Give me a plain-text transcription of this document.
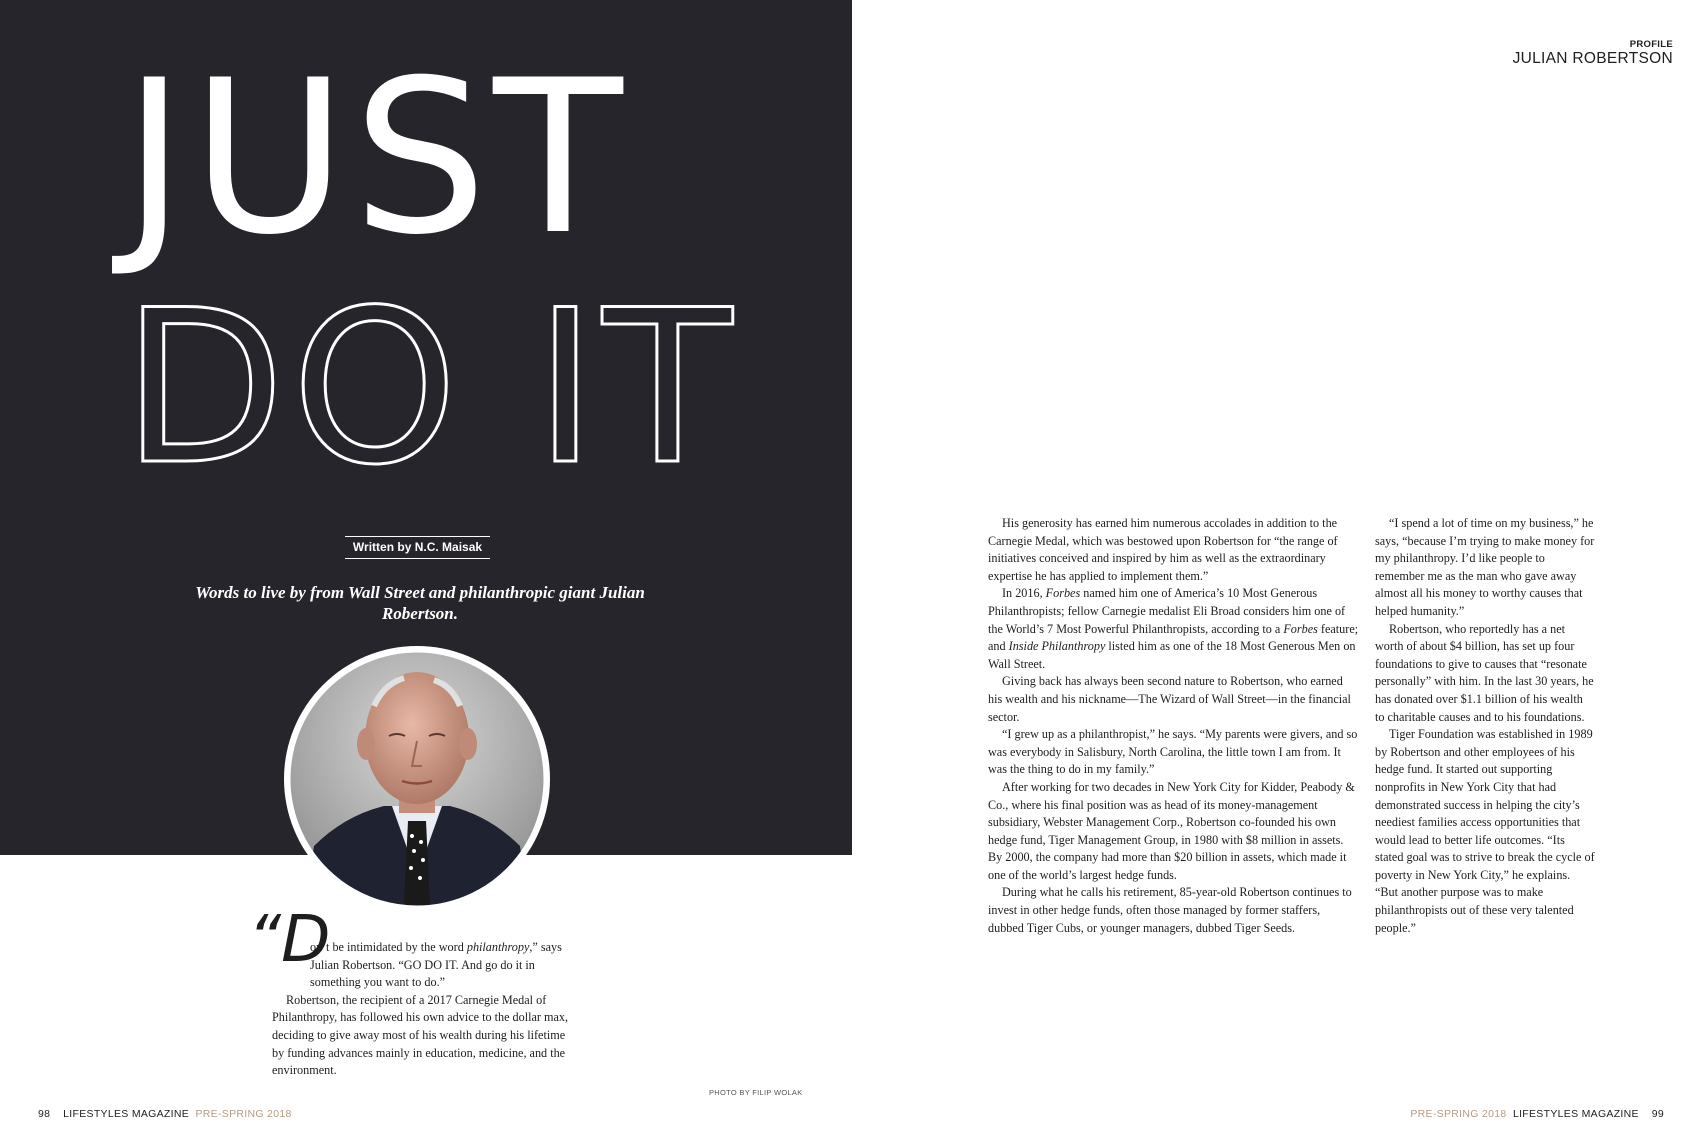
JUST
DO IT
Written by N.C. Maisak
Words to live by from Wall Street and philanthropic giant Julian Robertson.
“D

on’t be intimidated by the word philanthropy,” says Julian Robertson. “GO DO IT. And go do it in something you want to do.”

Robertson, the recipient of a 2017 Carnegie Medal of Philanthropy, has followed his own advice to the dollar max, deciding to give away most of his wealth during his lifetime by funding advances mainly in education, medicine, and the environment.

PHOTO BY FILIP WOLAK
98 LIFESTYLES MAGAZINE PRE-SPRING 2018
PROFILE
JULIAN ROBERTSON

His generosity has earned him numerous accolades in addition to the Carnegie Medal, which was bestowed upon Robertson for “the range of initiatives conceived and inspired by him as well as the extraordinary expertise he has applied to implement them.”

In 2016, Forbes named him one of America’s 10 Most Generous Philanthropists; fellow Carnegie medalist Eli Broad considers him one of the World’s 7 Most Powerful Philanthropists, according to a Forbes feature; and Inside Philanthropy listed him as one of the 18 Most Generous Men on Wall Street.

Giving back has always been second nature to Robertson, who earned his wealth and his nickname—The Wizard of Wall Street—in the financial sector.

“I grew up as a philanthropist,” he says. “My parents were givers, and so was everybody in Salisbury, North Carolina, the little town I am from. It was the thing to do in my family.”

After working for two decades in New York City for Kidder, Peabody & Co., where his final position was as head of its money-management subsidiary, Webster Management Corp., Robertson co-founded his own hedge fund, Tiger Management Group, in 1980 with $8 million in assets. By 2000, the company had more than $20 billion in assets, which made it one of the world’s largest hedge funds.

During what he calls his retirement, 85-year-old Robertson continues to invest in other hedge funds, often those managed by former staffers, dubbed Tiger Cubs, or younger managers, dubbed Tiger Seeds.

“I spend a lot of time on my business,” he says, “because I’m trying to make money for my philanthropy. I’d like people to remember me as the man who gave away almost all his money to worthy causes that helped humanity.”

Robertson, who reportedly has a net worth of about $4 billion, has set up four foundations to give to causes that “resonate personally” with him. In the last 30 years, he has donated over $1.1 billion of his wealth to charitable causes and to his foundations.

Tiger Foundation was established in 1989 by Robertson and other employees of his hedge fund. It started out supporting nonprofits in New York City that had demonstrated success in helping the city’s neediest families access opportunities that would lead to better life outcomes. “Its stated goal was to strive to break the cycle of poverty in New York City,” he explains. “But another purpose was to make philanthropists out of these very talented people.”

PRE-SPRING 2018 LIFESTYLES MAGAZINE 99
